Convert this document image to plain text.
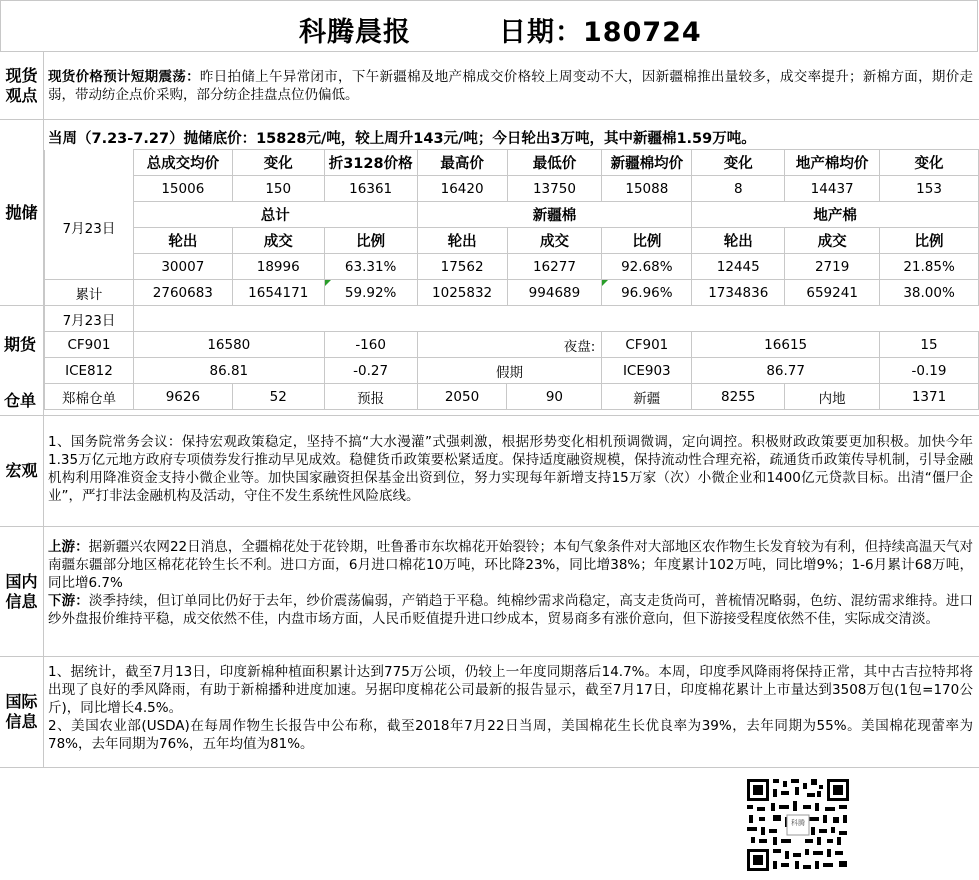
科腾晨报	日期：180724
现货观点
现货价格预计短期震荡：昨日拍储上午异常闭市，下午新疆棉及地产棉成交价格较上周变动不大，因新疆棉推出量较多，成交率提升；新棉方面，期价走弱，带动纺企点价采购，部分纺企挂盘点位仍偏低。
抛储
当周（7.23-7.27）抛储底价：15828元/吨，较上周升143元/吨；今日轮出3万吨，其中新疆棉1.59万吨。
	总成交均价	变化	折3128价格	最高价	最低价	新疆棉均价	变化	地产棉均价	变化
7月23日	15006	150	16361	16420	13750	15088	8	14437	153
	总计			新疆棉			地产棉		
	轮出	成交	比例	轮出	成交	比例	轮出	成交	比例
	30007	18996	63.31%	17562	16277	92.68%	12445	2719	21.85%
累计	2760683	1654171	59.92%	1025832	994689	96.96%	1734836	659241	38.00%
期货
仓单
7月23日									
CF901	16580		-160	夜盘:		CF901	16615		15
ICE812	86.81		-0.27	假期		ICE903	86.77		-0.19
郑棉仓单	9626	52	预报	2050	90	新疆	8255	内地	1371
宏观
1、国务院常务会议：保持宏观政策稳定，坚持不搞“大水漫灌”式强刺激，根据形势变化相机预调微调，定向调控。积极财政政策要更加积极。加快今年1.35万亿元地方政府专项债券发行推动早见成效。稳健货币政策要松紧适度。保持适度融资规模，保持流动性合理充裕，疏通货币政策传导机制，引导金融机构利用降准资金支持小微企业等。加快国家融资担保基金出资到位，努力实现每年新增支持15万家（次）小微企业和1400亿元贷款目标。出清“僵尸企业”，严打非法金融机构及活动，守住不发生系统性风险底线。
国内信息
上游：据新疆兴农网22日消息，全疆棉花处于花铃期，吐鲁番市东坎棉花开始裂铃；本旬气象条件对大部地区农作物生长发育较为有利，但持续高温天气对南疆东疆部分地区棉花花铃生长不利。进口方面，6月进口棉花10万吨，环比降23%，同比增38%；年度累计102万吨，同比增9%；1-6月累计68万吨，同比增6.7%
下游：淡季持续，但订单同比仍好于去年，纱价震荡偏弱，产销趋于平稳。纯棉纱需求尚稳定，高支走货尚可，普梳情况略弱，色纺、混纺需求维持。进口纱外盘报价维持平稳，成交依然不佳，内盘市场方面，人民币贬值提升进口纱成本，贸易商多有涨价意向，但下游接受程度依然不佳，实际成交清淡。
国际信息
1、据统计，截至7月13日，印度新棉种植面积累计达到775万公顷，仍较上一年度同期落后14.7%。本周，印度季风降雨将保持正常，其中古吉拉特邦将出现了良好的季风降雨，有助于新棉播种进度加速。另据印度棉花公司最新的报告显示，截至7月17日，印度棉花累计上市量达到3508万包(1包=170公斤)，同比增长4.5%。
2、美国农业部(USDA)在每周作物生长报告中公布称，截至2018年7月22日当周，美国棉花生长优良率为39%，去年同期为55%。美国棉花现蕾率为78%，去年同期为76%，五年均值为81%。
科腾
